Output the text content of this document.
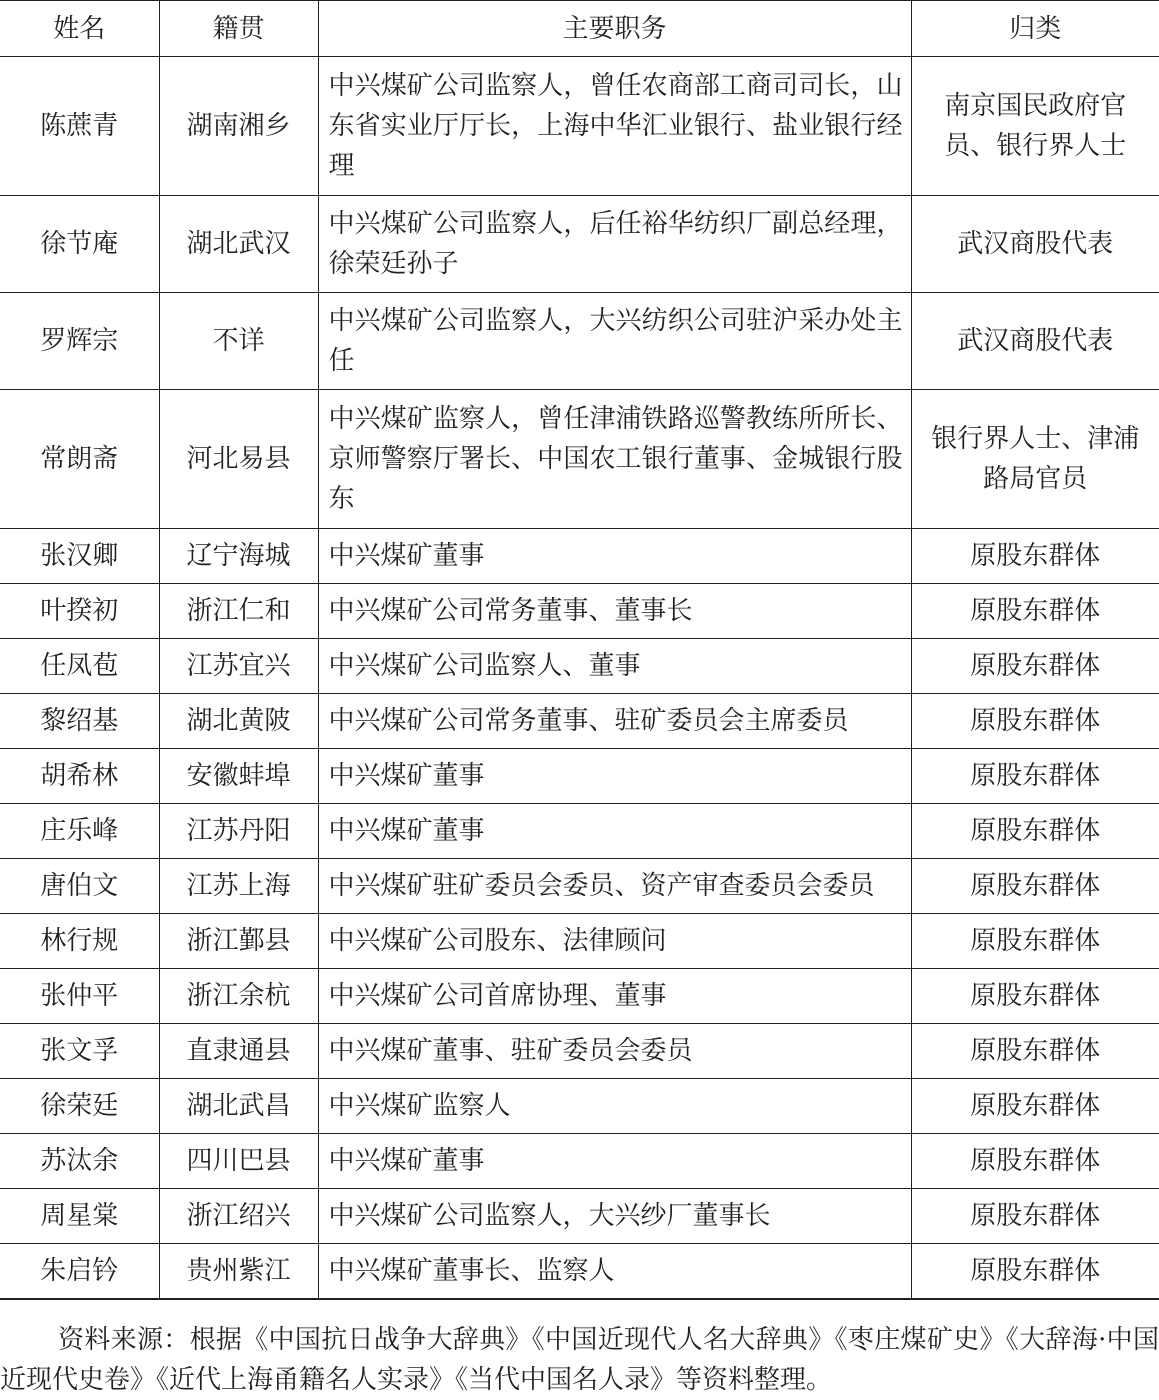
姓名	籍贯	主要职务	归类
陈蔗青	湖南湘乡	中兴煤矿公司监察人，曾任农商部工商司司长，山东省实业厅厅长，上海中华汇业银行、盐业银行经理	南京国民政府官员、银行界人士
徐节庵	湖北武汉	中兴煤矿公司监察人，后任裕华纺织厂副总经理，徐荣廷孙子	武汉商股代表
罗辉宗	不详	中兴煤矿公司监察人，大兴纺织公司驻沪采办处主任	武汉商股代表
常朗斋	河北易县	中兴煤矿监察人，曾任津浦铁路巡警教练所所长、京师警察厅署长、中国农工银行董事、金城银行股东	银行界人士、津浦路局官员
张汉卿	辽宁海城	中兴煤矿董事	原股东群体
叶揆初	浙江仁和	中兴煤矿公司常务董事、董事长	原股东群体
任凤苞	江苏宜兴	中兴煤矿公司监察人、董事	原股东群体
黎绍基	湖北黄陂	中兴煤矿公司常务董事、驻矿委员会主席委员	原股东群体
胡希林	安徽蚌埠	中兴煤矿董事	原股东群体
庄乐峰	江苏丹阳	中兴煤矿董事	原股东群体
唐伯文	江苏上海	中兴煤矿驻矿委员会委员、资产审查委员会委员	原股东群体
林行规	浙江鄞县	中兴煤矿公司股东、法律顾问	原股东群体
张仲平	浙江余杭	中兴煤矿公司首席协理、董事	原股东群体
张文孚	直隶通县	中兴煤矿董事、驻矿委员会委员	原股东群体
徐荣廷	湖北武昌	中兴煤矿监察人	原股东群体
苏汰余	四川巴县	中兴煤矿董事	原股东群体
周星棠	浙江绍兴	中兴煤矿公司监察人，大兴纱厂董事长	原股东群体
朱启钤	贵州紫江	中兴煤矿董事长、监察人	原股东群体

资料来源：根据《中国抗日战争大辞典》《中国近现代人名大辞典》《枣庄煤矿史》《大辞海·中国近现代史卷》《近代上海甬籍名人实录》《当代中国名人录》等资料整理。
